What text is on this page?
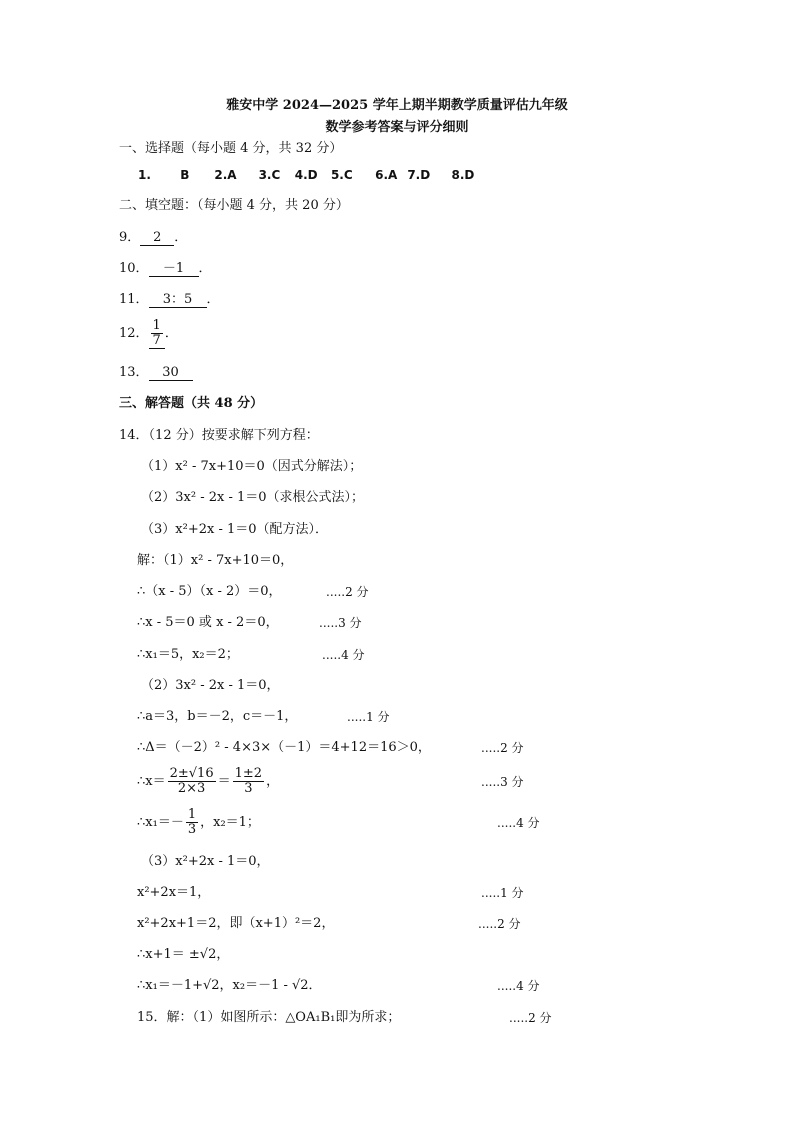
雅安中学 2024—2025 学年上期半期教学质量评估九年级
数学参考答案与评分细则
一、选择题（每小题 4 分，共 32 分）
1. B 2.A 3.C 4.D 5.C 6.A 7.D 8.D
二、填空题：（每小题 4 分，共 20 分）
9． 2 ．
10． －1 ．
11． 3：5 ．
12． $\frac{1}{7}$ ．
13． 30
三、解答题（共 48 分）
14．（12 分）按要求解下列方程：
（1）x² - 7x+10＝0（因式分解法）；
（2）3x² - 2x - 1＝0（求根公式法）；
（3）x²+2x - 1＝0（配方法）．
解：（1）x² - 7x+10＝0，
∴（x - 5）（x - 2）＝0，	.....2 分
∴x - 5＝0 或 x - 2＝0，	.....3 分
∴x₁＝5，x₂＝2；	.....4 分
（2）3x² - 2x - 1＝0，
∴a＝3，b＝－2，c＝－1，	.....1 分
∴Δ＝（－2）² - 4×3×（－1）＝4+12＝16＞0，	.....2 分
∴x＝ $\frac{2\pm√16}{2\times 3} = \frac{1\pm 2}{3}$ ，	.....3 分
∴x₁＝－ $\frac{1}{3}$ ，x₂＝1；	.....4 分
（3）x²+2x - 1＝0，
x²+2x＝1，	.....1 分
x²+2x+1＝2，即（x+1）²＝2，	.....2 分
∴x+1＝ ±√2，
∴x₁＝－1+√2，x₂＝－1 - √2．	.....4 分
15．解：（1）如图所示：△OA₁B₁即为所求；	.....2 分
